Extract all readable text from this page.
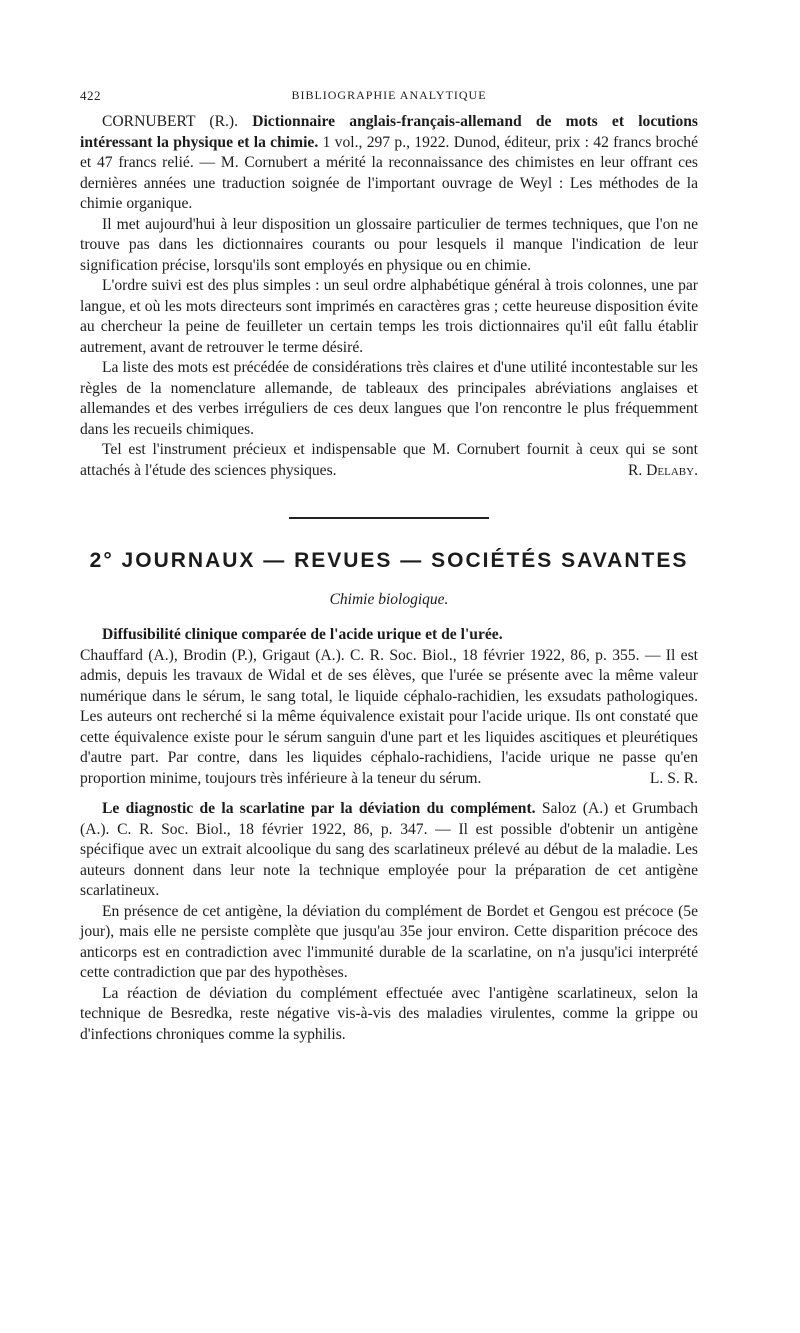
422	BIBLIOGRAPHIE ANALYTIQUE

CORNUBERT (R.). Dictionnaire anglais-français-allemand de mots et locutions intéressant la physique et la chimie. 1 vol., 297 p., 1922. Dunod, éditeur, prix : 42 francs broché et 47 francs relié. — M. Cornubert a mérité la reconnaissance des chimistes en leur offrant ces dernières années une traduction soignée de l'important ouvrage de Weyl : Les méthodes de la chimie organique.

Il met aujourd'hui à leur disposition un glossaire particulier de termes techniques, que l'on ne trouve pas dans les dictionnaires courants ou pour lesquels il manque l'indication de leur signification précise, lorsqu'ils sont employés en physique ou en chimie.

L'ordre suivi est des plus simples : un seul ordre alphabétique général à trois colonnes, une par langue, et où les mots directeurs sont imprimés en caractères gras ; cette heureuse disposition évite au chercheur la peine de feuilleter un certain temps les trois dictionnaires qu'il eût fallu établir autrement, avant de retrouver le terme désiré.

La liste des mots est précédée de considérations très claires et d'une utilité incontestable sur les règles de la nomenclature allemande, de tableaux des principales abréviations anglaises et allemandes et des verbes irréguliers de ces deux langues que l'on rencontre le plus fréquemment dans les recueils chimiques.

Tel est l'instrument précieux et indispensable que M. Cornubert fournit à ceux qui se sont attachés à l'étude des sciences physiques.	R. Delaby.

2° JOURNAUX — REVUES — SOCIÉTÉS SAVANTES
Chimie biologique.

Diffusibilité clinique comparée de l'acide urique et de l'urée.

Chauffard (A.), Brodin (P.), Grigaut (A.). C. R. Soc. Biol., 18 février 1922, 86, p. 355. — Il est admis, depuis les travaux de Widal et de ses élèves, que l'urée se présente avec la même valeur numérique dans le sérum, le sang total, le liquide céphalo-rachidien, les exsudats pathologiques. Les auteurs ont recherché si la même équivalence existait pour l'acide urique. Ils ont constaté que cette équivalence existe pour le sérum sanguin d'une part et les liquides ascitiques et pleurétiques d'autre part. Par contre, dans les liquides céphalo-rachidiens, l'acide urique ne passe qu'en proportion minime, toujours très inférieure à la teneur du sérum.	L. S. R.

Le diagnostic de la scarlatine par la déviation du complément. Saloz (A.) et Grumbach (A.). C. R. Soc. Biol., 18 février 1922, 86, p. 347. — Il est possible d'obtenir un antigène spécifique avec un extrait alcoolique du sang des scarlatineux prélevé au début de la maladie. Les auteurs donnent dans leur note la technique employée pour la préparation de cet antigène scarlatineux.

En présence de cet antigène, la déviation du complément de Bordet et Gengou est précoce (5e jour), mais elle ne persiste complète que jusqu'au 35e jour environ. Cette disparition précoce des anticorps est en contradiction avec l'immunité durable de la scarlatine, on n'a jusqu'ici interprété cette contradiction que par des hypothèses.

La réaction de déviation du complément effectuée avec l'antigène scarlatineux, selon la technique de Besredka, reste négative vis-à-vis des maladies virulentes, comme la grippe ou d'infections chroniques comme la syphilis.
